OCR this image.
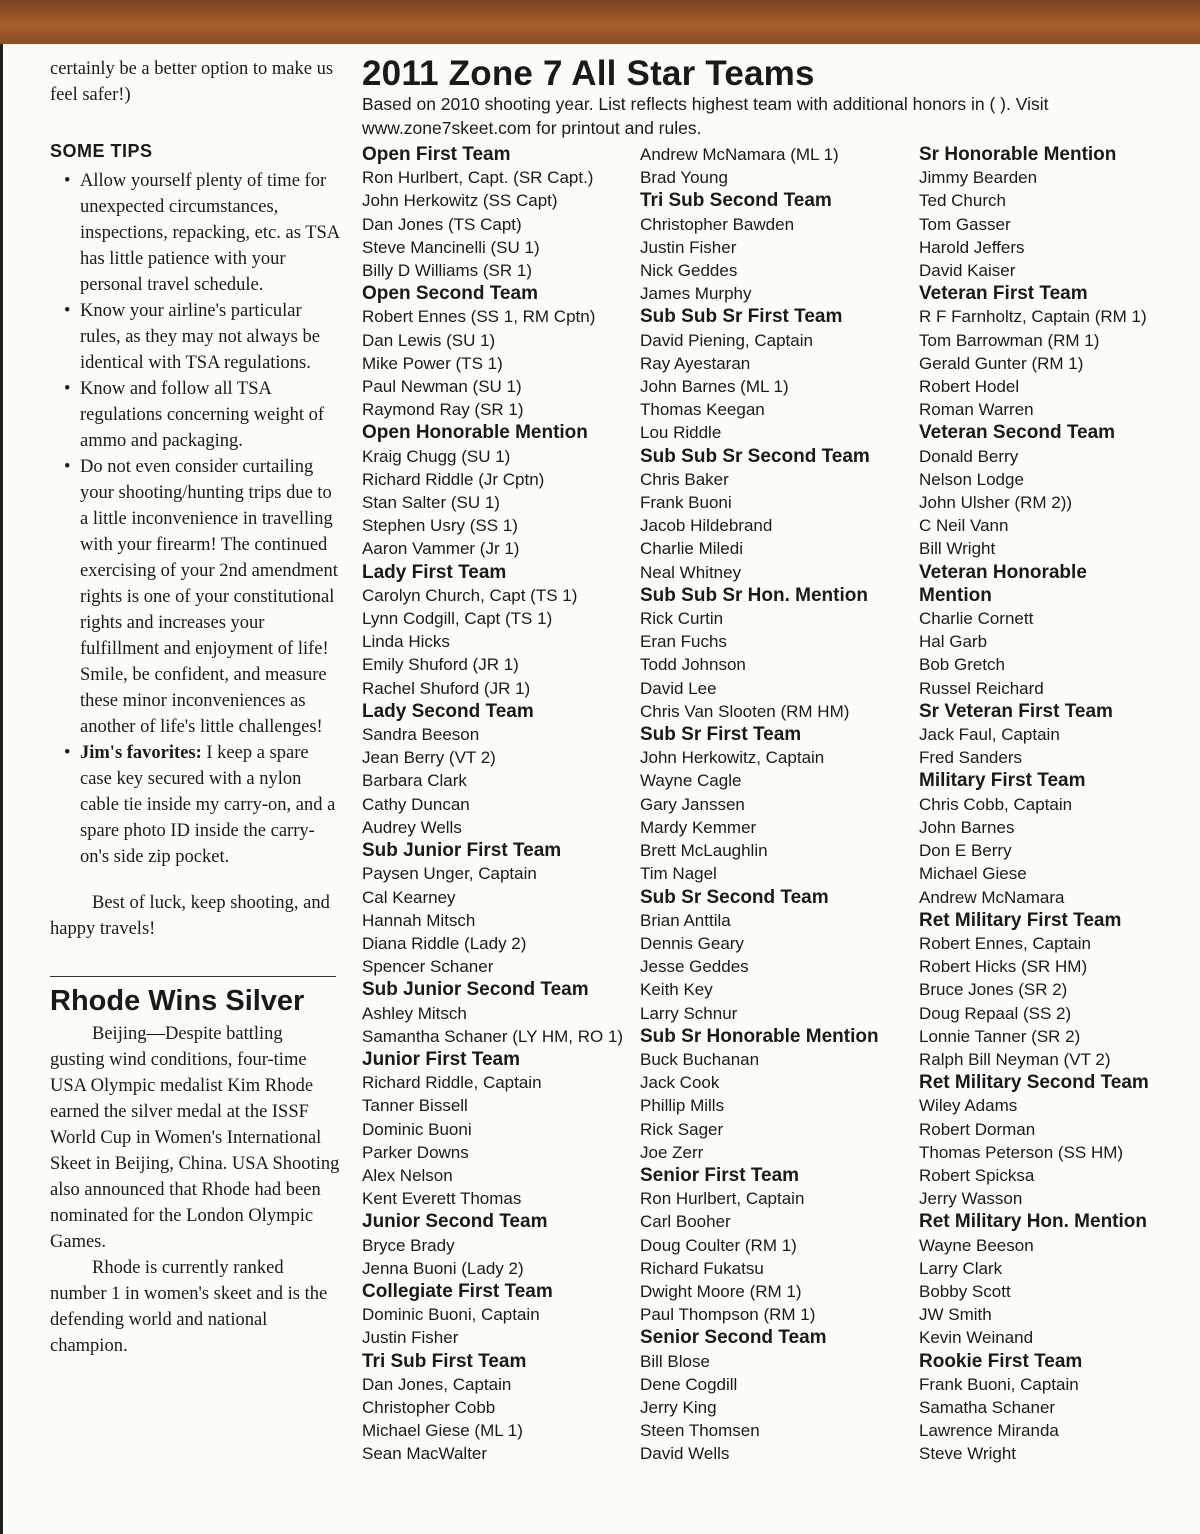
certainly be a better option to make us feel safer!)

SOME TIPS
• Allow yourself plenty of time for unexpected circumstances, inspections, repacking, etc. as TSA has little patience with your personal travel schedule.
• Know your airline's particular rules, as they may not always be identical with TSA regulations.
• Know and follow all TSA regulations concerning weight of ammo and packaging.
• Do not even consider curtailing your shooting/hunting trips due to a little inconvenience in travelling with your firearm! The continued exercising of your 2nd amendment rights is one of your constitutional rights and increases your fulfillment and enjoyment of life! Smile, be confident, and measure these minor inconveniences as another of life's little challenges!
• Jim's favorites: I keep a spare case key secured with a nylon cable tie inside my carry-on, and a spare photo ID inside the carry-on's side zip pocket.

Best of luck, keep shooting, and happy travels!

Rhode Wins Silver

Beijing—Despite battling gusting wind conditions, four-time USA Olympic medalist Kim Rhode earned the silver medal at the ISSF World Cup in Women's International Skeet in Beijing, China. USA Shooting also announced that Rhode had been nominated for the London Olympic Games.

Rhode is currently ranked number 1 in women's skeet and is the defending world and national champion.

2011 Zone 7 All Star Teams
Based on 2010 shooting year. List reflects highest team with additional honors in ( ). Visit www.zone7skeet.com for printout and rules.
Open First Team
Ron Hurlbert, Capt. (SR Capt.)
John Herkowitz (SS Capt)
Dan Jones (TS Capt)
Steve Mancinelli (SU 1)
Billy D Williams (SR 1)
Open Second Team
Robert Ennes (SS 1, RM Cptn)
Dan Lewis (SU 1)
Mike Power (TS 1)
Paul Newman (SU 1)
Raymond Ray (SR 1)
Open Honorable Mention
Kraig Chugg (SU 1)
Richard Riddle (Jr Cptn)
Stan Salter (SU 1)
Stephen Usry (SS 1)
Aaron Vammer (Jr 1)
Lady First Team
Carolyn Church, Capt (TS 1)
Lynn Codgill, Capt (TS 1)
Linda Hicks
Emily Shuford (JR 1)
Rachel Shuford (JR 1)
Lady Second Team
Sandra Beeson
Jean Berry (VT 2)
Barbara Clark
Cathy Duncan
Audrey Wells
Sub Junior First Team
Paysen Unger, Captain
Cal Kearney
Hannah Mitsch
Diana Riddle (Lady 2)
Spencer Schaner
Sub Junior Second Team
Ashley Mitsch
Samantha Schaner (LY HM, RO 1)
Junior First Team
Richard Riddle, Captain
Tanner Bissell
Dominic Buoni
Parker Downs
Alex Nelson
Kent Everett Thomas
Junior Second Team
Bryce Brady
Jenna Buoni (Lady 2)
Collegiate First Team
Dominic Buoni, Captain
Justin Fisher
Tri Sub First Team
Dan Jones, Captain
Christopher Cobb
Michael Giese (ML 1)
Sean MacWalter
Andrew McNamara (ML 1)
Brad Young
Tri Sub Second Team
Christopher Bawden
Justin Fisher
Nick Geddes
James Murphy
Sub Sub Sr First Team
David Piening, Captain
Ray Ayestaran
John Barnes (ML 1)
Thomas Keegan
Lou Riddle
Sub Sub Sr Second Team
Chris Baker
Frank Buoni
Jacob Hildebrand
Charlie Miledi
Neal Whitney
Sub Sub Sr Hon. Mention
Rick Curtin
Eran Fuchs
Todd Johnson
David Lee
Chris Van Slooten (RM HM)
Sub Sr First Team
John Herkowitz, Captain
Wayne Cagle
Gary Janssen
Mardy Kemmer
Brett McLaughlin
Tim Nagel
Sub Sr Second Team
Brian Anttila
Dennis Geary
Jesse Geddes
Keith Key
Larry Schnur
Sub Sr Honorable Mention
Buck Buchanan
Jack Cook
Phillip Mills
Rick Sager
Joe Zerr
Senior First Team
Ron Hurlbert, Captain
Carl Booher
Doug Coulter (RM 1)
Richard Fukatsu
Dwight Moore (RM 1)
Paul Thompson (RM 1)
Senior Second Team
Bill Blose
Dene Cogdill
Jerry King
Steen Thomsen
David Wells
Sr Honorable Mention
Jimmy Bearden
Ted Church
Tom Gasser
Harold Jeffers
David Kaiser
Veteran First Team
R F Farnholtz, Captain (RM 1)
Tom Barrowman (RM 1)
Gerald Gunter (RM 1)
Robert Hodel
Roman Warren
Veteran Second Team
Donald Berry
Nelson Lodge
John Ulsher (RM 2))
C Neil Vann
Bill Wright
Veteran Honorable
Mention
Charlie Cornett
Hal Garb
Bob Gretch
Russel Reichard
Sr Veteran First Team
Jack Faul, Captain
Fred Sanders
Military First Team
Chris Cobb, Captain
John Barnes
Don E Berry
Michael Giese
Andrew McNamara
Ret Military First Team
Robert Ennes, Captain
Robert Hicks (SR HM)
Bruce Jones (SR 2)
Doug Repaal (SS 2)
Lonnie Tanner (SR 2)
Ralph Bill Neyman (VT 2)
Ret Military Second Team
Wiley Adams
Robert Dorman
Thomas Peterson (SS HM)
Robert Spicksa
Jerry Wasson
Ret Military Hon. Mention
Wayne Beeson
Larry Clark
Bobby Scott
JW Smith
Kevin Weinand
Rookie First Team
Frank Buoni, Captain
Samatha Schaner
Lawrence Miranda
Steve Wright
